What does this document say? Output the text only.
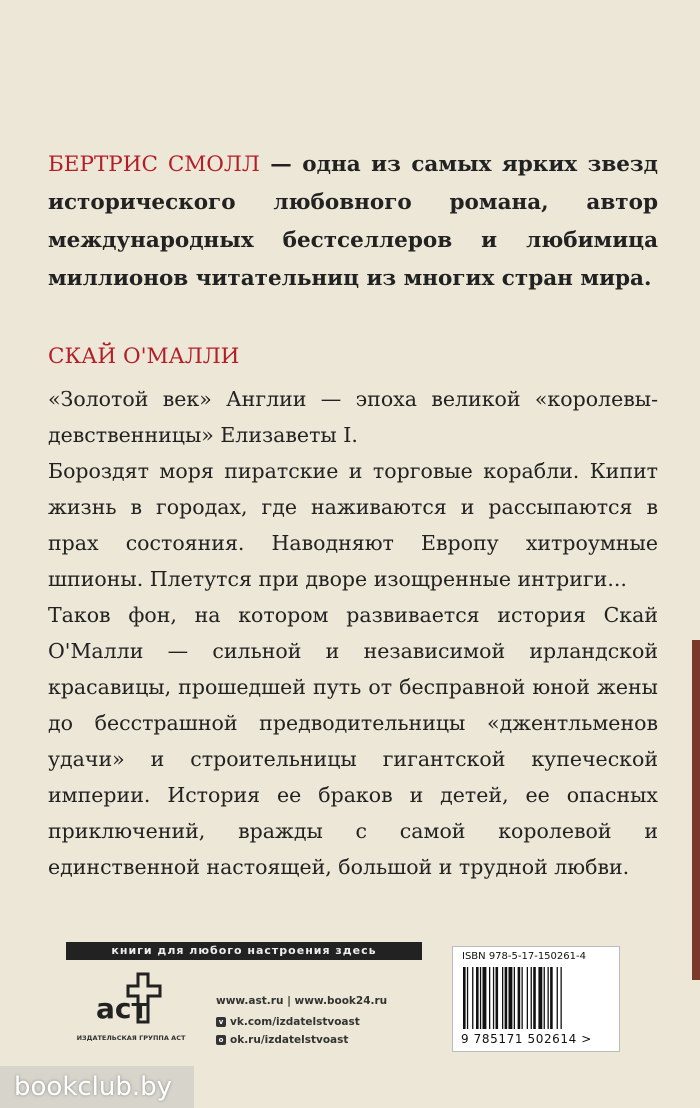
БЕРТРИС СМОЛЛ — одна из самых ярких звезд исторического любовного романа, автор международных бестселлеров и любимица миллионов читательниц из многих стран мира.
СКАЙ О'МАЛЛИ

«Золотой век» Англии — эпоха великой «королевы-девственницы» Елизаветы I.

Бороздят моря пиратские и торговые корабли. Кипит жизнь в городах, где наживаются и рассыпаются в прах состояния. Наводняют Европу хитроумные шпионы. Плетутся при дворе изощренные интриги...

Таков фон, на котором развивается история Скай О'Малли — сильной и независимой ирландской красавицы, прошедшей путь от бесправной юной жены до бесстрашной предводительницы «джентльменов удачи» и строительницы гигантской купеческой империи. История ее браков и детей, ее опасных приключений, вражды с самой королевой и единственной настоящей, большой и трудной любви.

книги для любого настроения здесь
аст
ИЗДАТЕЛЬСКАЯ ГРУППА АСТ
www.ast.ru | www.book24.ru
v vk.com/izdatelstvoast
o ok.ru/izdatelstvoast
ISBN 978-5-17-150261-4
9 785171 502614 >
bookclub.by
